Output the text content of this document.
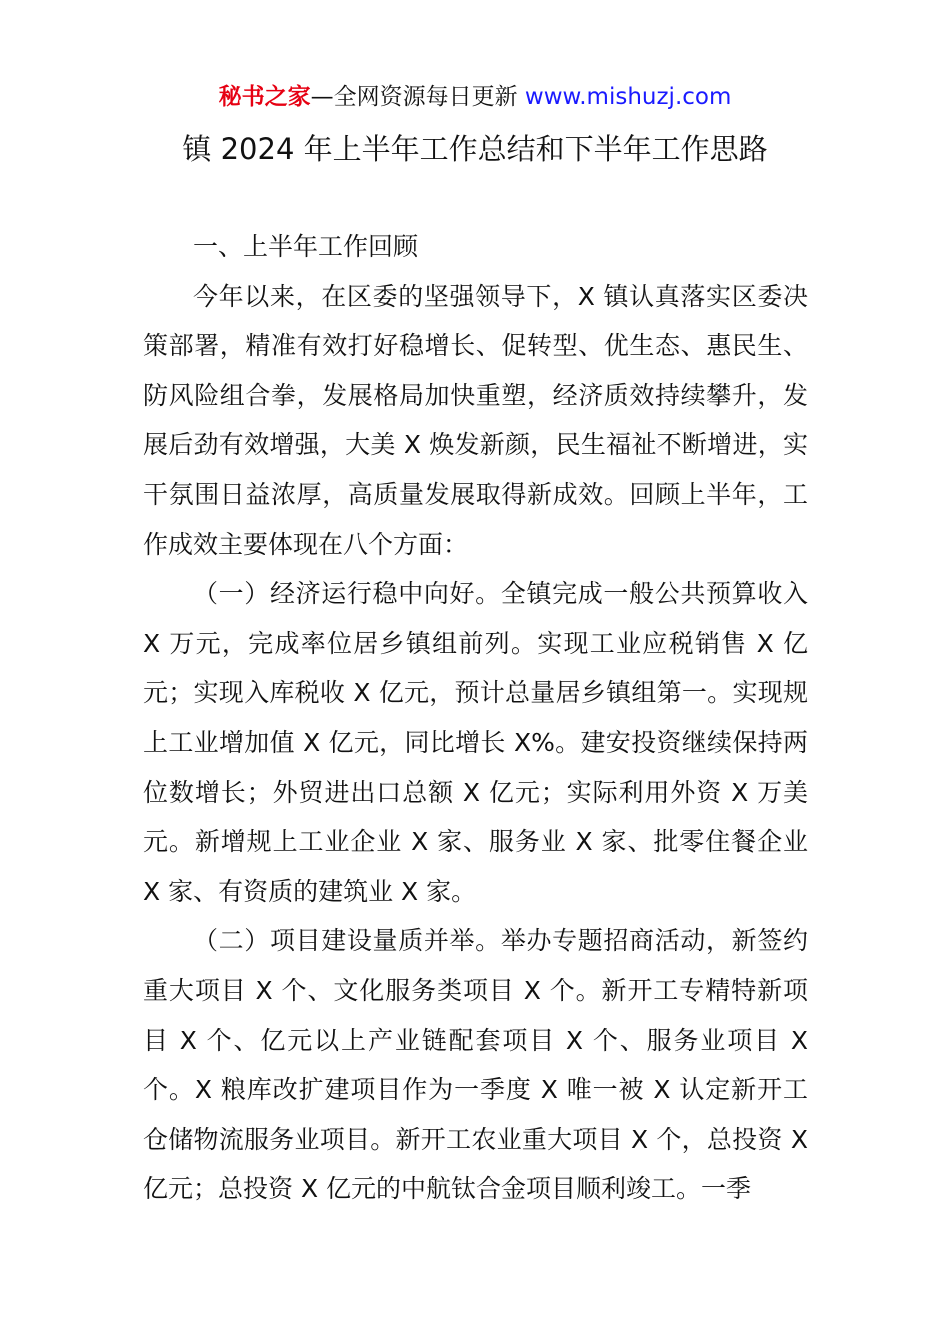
秘书之家—全网资源每日更新 www.mishuzj.com
镇 2024 年上半年工作总结和下半年工作思路

一、上半年工作回顾

今年以来，在区委的坚强领导下，X 镇认真落实区委决策部署，精准有效打好稳增长、促转型、优生态、惠民生、防风险组合拳，发展格局加快重塑，经济质效持续攀升，发展后劲有效增强，大美 X 焕发新颜，民生福祉不断增进，实干氛围日益浓厚，高质量发展取得新成效。回顾上半年，工作成效主要体现在八个方面：

（一）经济运行稳中向好。全镇完成一般公共预算收入 X 万元，完成率位居乡镇组前列。实现工业应税销售 X 亿元；实现入库税收 X 亿元，预计总量居乡镇组第一。实现规上工业增加值 X 亿元，同比增长 X%。建安投资继续保持两位数增长；外贸进出口总额 X 亿元；实际利用外资 X 万美元。新增规上工业企业 X 家、服务业 X 家、批零住餐企业 X 家、有资质的建筑业 X 家。

（二）项目建设量质并举。举办专题招商活动，新签约重大项目 X 个、文化服务类项目 X 个。新开工专精特新项目 X 个、亿元以上产业链配套项目 X 个、服务业项目 X 个。X 粮库改扩建项目作为一季度 X 唯一被 X 认定新开工仓储物流服务业项目。新开工农业重大项目 X 个，总投资 X 亿元；总投资 X 亿元的中航钛合金项目顺利竣工。一季
